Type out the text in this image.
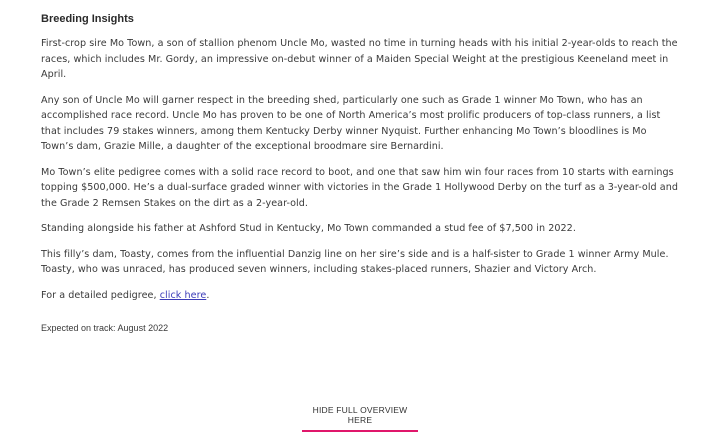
Breeding Insights

First-crop sire Mo Town, a son of stallion phenom Uncle Mo, wasted no time in turning heads with his initial 2-year-olds to reach the races, which includes Mr. Gordy, an impressive on-debut winner of a Maiden Special Weight at the prestigious Keeneland meet in April.

Any son of Uncle Mo will garner respect in the breeding shed, particularly one such as Grade 1 winner Mo Town, who has an accomplished race record. Uncle Mo has proven to be one of North America’s most prolific producers of top-class runners, a list that includes 79 stakes winners, among them Kentucky Derby winner Nyquist. Further enhancing Mo Town’s bloodlines is Mo Town’s dam, Grazie Mille, a daughter of the exceptional broodmare sire Bernardini.

Mo Town’s elite pedigree comes with a solid race record to boot, and one that saw him win four races from 10 starts with earnings topping $500,000. He’s a dual-surface graded winner with victories in the Grade 1 Hollywood Derby on the turf as a 3-year-old and the Grade 2 Remsen Stakes on the dirt as a 2-year-old.

Standing alongside his father at Ashford Stud in Kentucky, Mo Town commanded a stud fee of $7,500 in 2022.

This filly’s dam, Toasty, comes from the influential Danzig line on her sire’s side and is a half-sister to Grade 1 winner Army Mule. Toasty, who was unraced, has produced seven winners, including stakes-placed runners, Shazier and Victory Arch.

For a detailed pedigree, click here.

Expected on track: August 2022
HIDE FULL OVERVIEW HERE
